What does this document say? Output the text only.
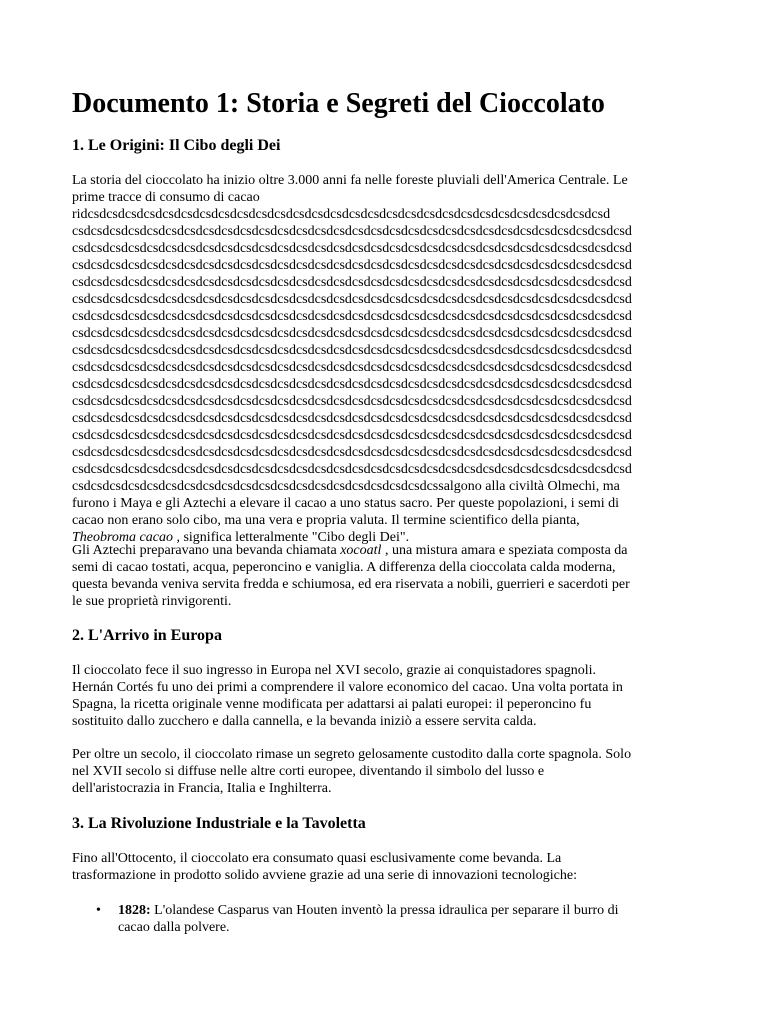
Documento 1: Storia e Segreti del Cioccolato
1. Le Origini: Il Cibo degli Dei

La storia del cioccolato ha inizio oltre 3.000 anni fa nelle foreste pluviali dell'America Centrale. Le
prime tracce di consumo di cacao
ridcsdcsdcsdcsdcsdcsdcsdcsdcsdcsdcsdcsdcsdcsdcsdcsdcsdcsdcsdcsdcsdcsdcsdcsdcsdcsdcsdcsd
csdcsdcsdcsdcsdcsdcsdcsdcsdcsdcsdcsdcsdcsdcsdcsdcsdcsdcsdcsdcsdcsdcsdcsdcsdcsdcsdcsdcsdcsd
csdcsdcsdcsdcsdcsdcsdcsdcsdcsdcsdcsdcsdcsdcsdcsdcsdcsdcsdcsdcsdcsdcsdcsdcsdcsdcsdcsdcsdcsd
csdcsdcsdcsdcsdcsdcsdcsdcsdcsdcsdcsdcsdcsdcsdcsdcsdcsdcsdcsdcsdcsdcsdcsdcsdcsdcsdcsdcsdcsd
csdcsdcsdcsdcsdcsdcsdcsdcsdcsdcsdcsdcsdcsdcsdcsdcsdcsdcsdcsdcsdcsdcsdcsdcsdcsdcsdcsdcsdcsd
csdcsdcsdcsdcsdcsdcsdcsdcsdcsdcsdcsdcsdcsdcsdcsdcsdcsdcsdcsdcsdcsdcsdcsdcsdcsdcsdcsdcsdcsd
csdcsdcsdcsdcsdcsdcsdcsdcsdcsdcsdcsdcsdcsdcsdcsdcsdcsdcsdcsdcsdcsdcsdcsdcsdcsdcsdcsdcsdcsd
csdcsdcsdcsdcsdcsdcsdcsdcsdcsdcsdcsdcsdcsdcsdcsdcsdcsdcsdcsdcsdcsdcsdcsdcsdcsdcsdcsdcsdcsd
csdcsdcsdcsdcsdcsdcsdcsdcsdcsdcsdcsdcsdcsdcsdcsdcsdcsdcsdcsdcsdcsdcsdcsdcsdcsdcsdcsdcsdcsd
csdcsdcsdcsdcsdcsdcsdcsdcsdcsdcsdcsdcsdcsdcsdcsdcsdcsdcsdcsdcsdcsdcsdcsdcsdcsdcsdcsdcsdcsd
csdcsdcsdcsdcsdcsdcsdcsdcsdcsdcsdcsdcsdcsdcsdcsdcsdcsdcsdcsdcsdcsdcsdcsdcsdcsdcsdcsdcsdcsd
csdcsdcsdcsdcsdcsdcsdcsdcsdcsdcsdcsdcsdcsdcsdcsdcsdcsdcsdcsdcsdcsdcsdcsdcsdcsdcsdcsdcsdcsd
csdcsdcsdcsdcsdcsdcsdcsdcsdcsdcsdcsdcsdcsdcsdcsdcsdcsdcsdcsdcsdcsdcsdcsdcsdcsdcsdcsdcsdcsd
csdcsdcsdcsdcsdcsdcsdcsdcsdcsdcsdcsdcsdcsdcsdcsdcsdcsdcsdcsdcsdcsdcsdcsdcsdcsdcsdcsdcsdcsd
csdcsdcsdcsdcsdcsdcsdcsdcsdcsdcsdcsdcsdcsdcsdcsdcsdcsdcsdcsdcsdcsdcsdcsdcsdcsdcsdcsdcsdcsd
csdcsdcsdcsdcsdcsdcsdcsdcsdcsdcsdcsdcsdcsdcsdcsdcsdcsdcsdcsdcsdcsdcsdcsdcsdcsdcsdcsdcsdcsd
csdcsdcsdcsdcsdcsdcsdcsdcsdcsdcsdcsdcsdcsdcsdcsdcsdcsdcsdcssalgono alla civiltà Olmechi, ma
furono i Maya e gli Aztechi a elevare il cacao a uno status sacro. Per queste popolazioni, i semi di
cacao non erano solo cibo, ma una vera e propria valuta. Il termine scientifico della pianta,
Theobroma cacao , significa letteralmente "Cibo degli Dei".

Gli Aztechi preparavano una bevanda chiamata xocoatl , una mistura amara e speziata composta da
semi di cacao tostati, acqua, peperoncino e vaniglia. A differenza della cioccolata calda moderna,
questa bevanda veniva servita fredda e schiumosa, ed era riservata a nobili, guerrieri e sacerdoti per
le sue proprietà rinvigorenti.

2. L'Arrivo in Europa

Il cioccolato fece il suo ingresso in Europa nel XVI secolo, grazie ai conquistadores spagnoli.
Hernán Cortés fu uno dei primi a comprendere il valore economico del cacao. Una volta portata in
Spagna, la ricetta originale venne modificata per adattarsi ai palati europei: il peperoncino fu
sostituito dallo zucchero e dalla cannella, e la bevanda iniziò a essere servita calda.

Per oltre un secolo, il cioccolato rimase un segreto gelosamente custodito dalla corte spagnola. Solo
nel XVII secolo si diffuse nelle altre corti europee, diventando il simbolo del lusso e
dell'aristocrazia in Francia, Italia e Inghilterra.

3. La Rivoluzione Industriale e la Tavoletta

Fino all'Ottocento, il cioccolato era consumato quasi esclusivamente come bevanda. La
trasformazione in prodotto solido avviene grazie ad una serie di innovazioni tecnologiche:

• 1828: L'olandese Casparus van Houten inventò la pressa idraulica per separare il burro di
cacao dalla polvere.
